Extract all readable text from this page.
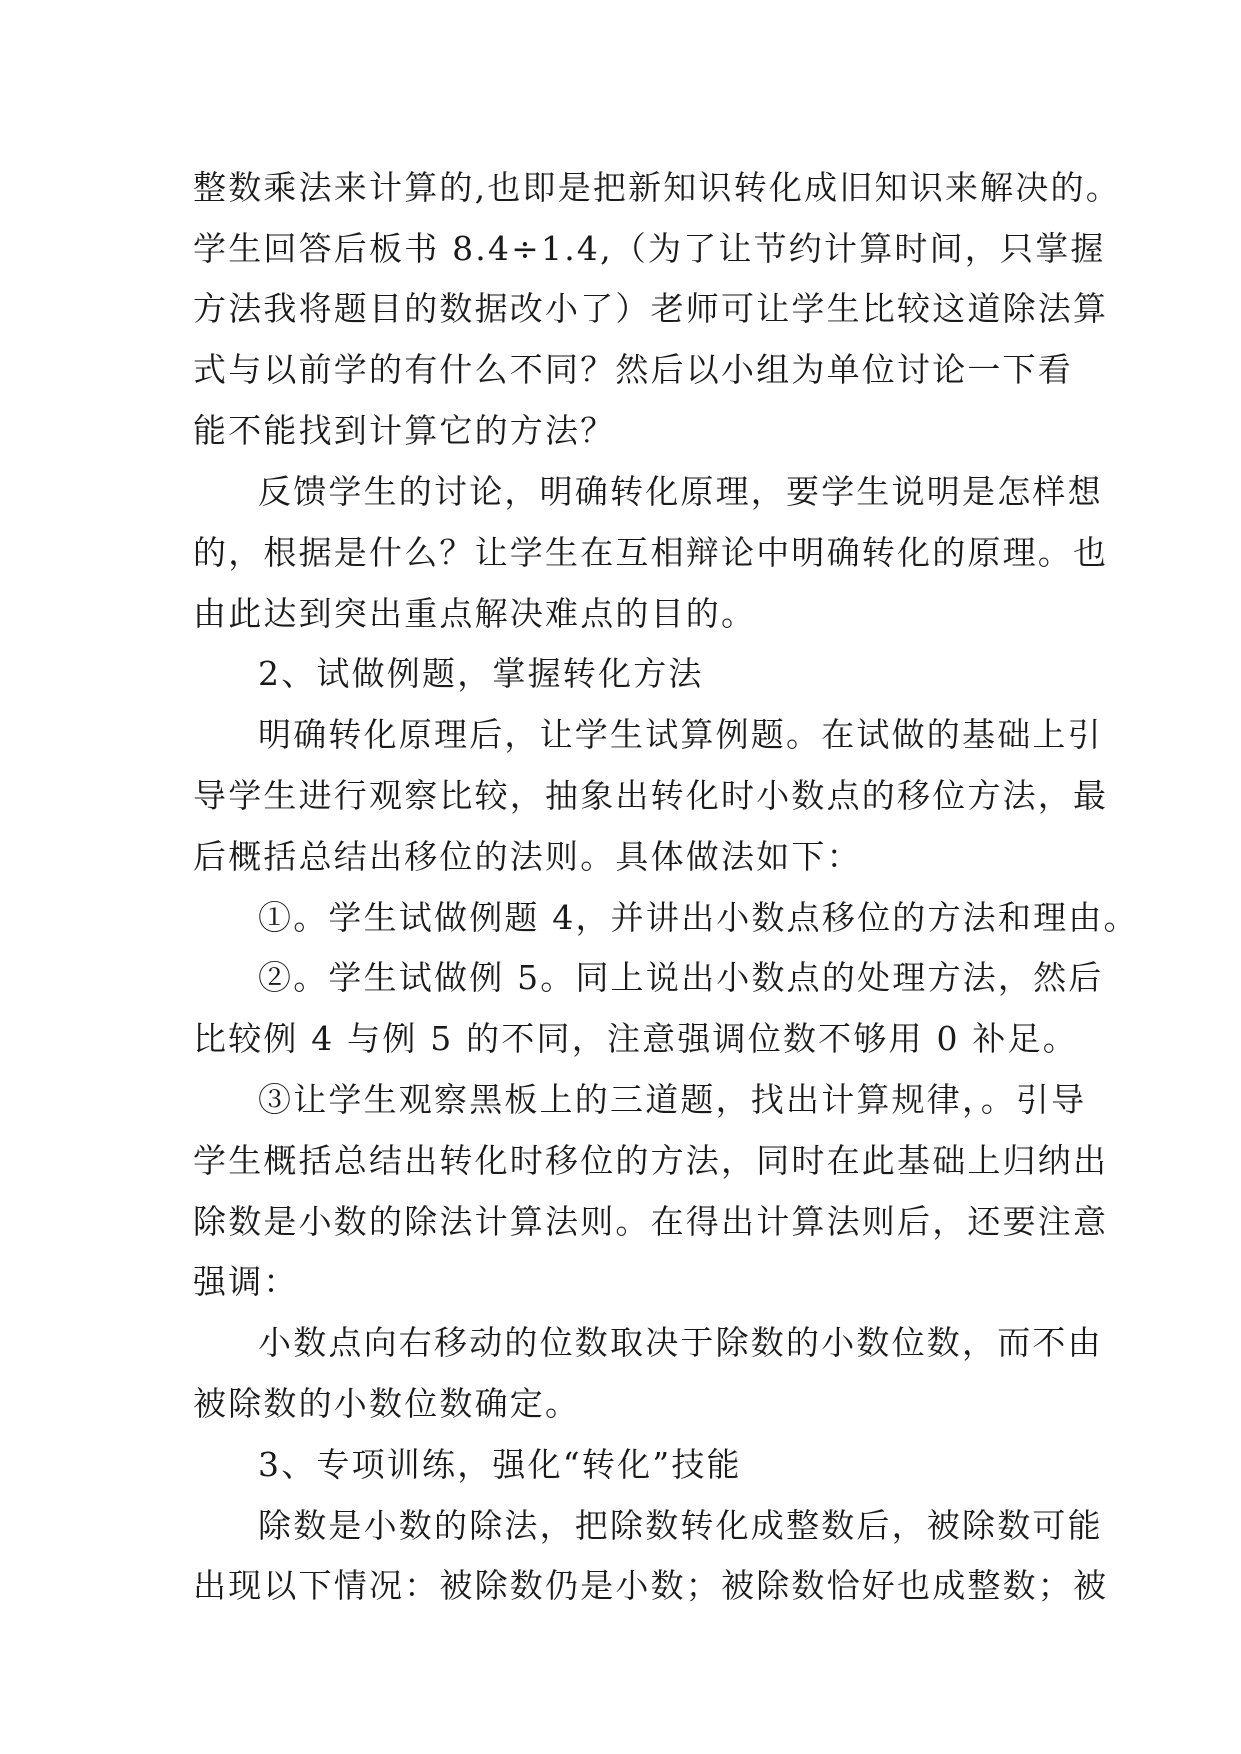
整数乘法来计算的,也即是把新知识转化成旧知识来解决的。
学生回答后板书 8.4÷1.4,（为了让节约计算时间，只掌握
方法我将题目的数据改小了）老师可让学生比较这道除法算
式与以前学的有什么不同？然后以小组为单位讨论一下看
能不能找到计算它的方法？
反馈学生的讨论，明确转化原理，要学生说明是怎样想
的，根据是什么？让学生在互相辩论中明确转化的原理。也
由此达到突出重点解决难点的目的。
2、试做例题，掌握转化方法
明确转化原理后，让学生试算例题。在试做的基础上引
导学生进行观察比较，抽象出转化时小数点的移位方法，最
后概括总结出移位的法则。具体做法如下：
①。学生试做例题 4，并讲出小数点移位的方法和理由。
②。学生试做例 5。同上说出小数点的处理方法，然后
比较例 4 与例 5 的不同，注意强调位数不够用 0 补足。
③让学生观察黑板上的三道题，找出计算规律，。引导
学生概括总结出转化时移位的方法，同时在此基础上归纳出
除数是小数的除法计算法则。在得出计算法则后，还要注意
强调：
小数点向右移动的位数取决于除数的小数位数，而不由
被除数的小数位数确定。
3、专项训练，强化“转化”技能
除数是小数的除法，把除数转化成整数后，被除数可能
出现以下情况：被除数仍是小数；被除数恰好也成整数；被
